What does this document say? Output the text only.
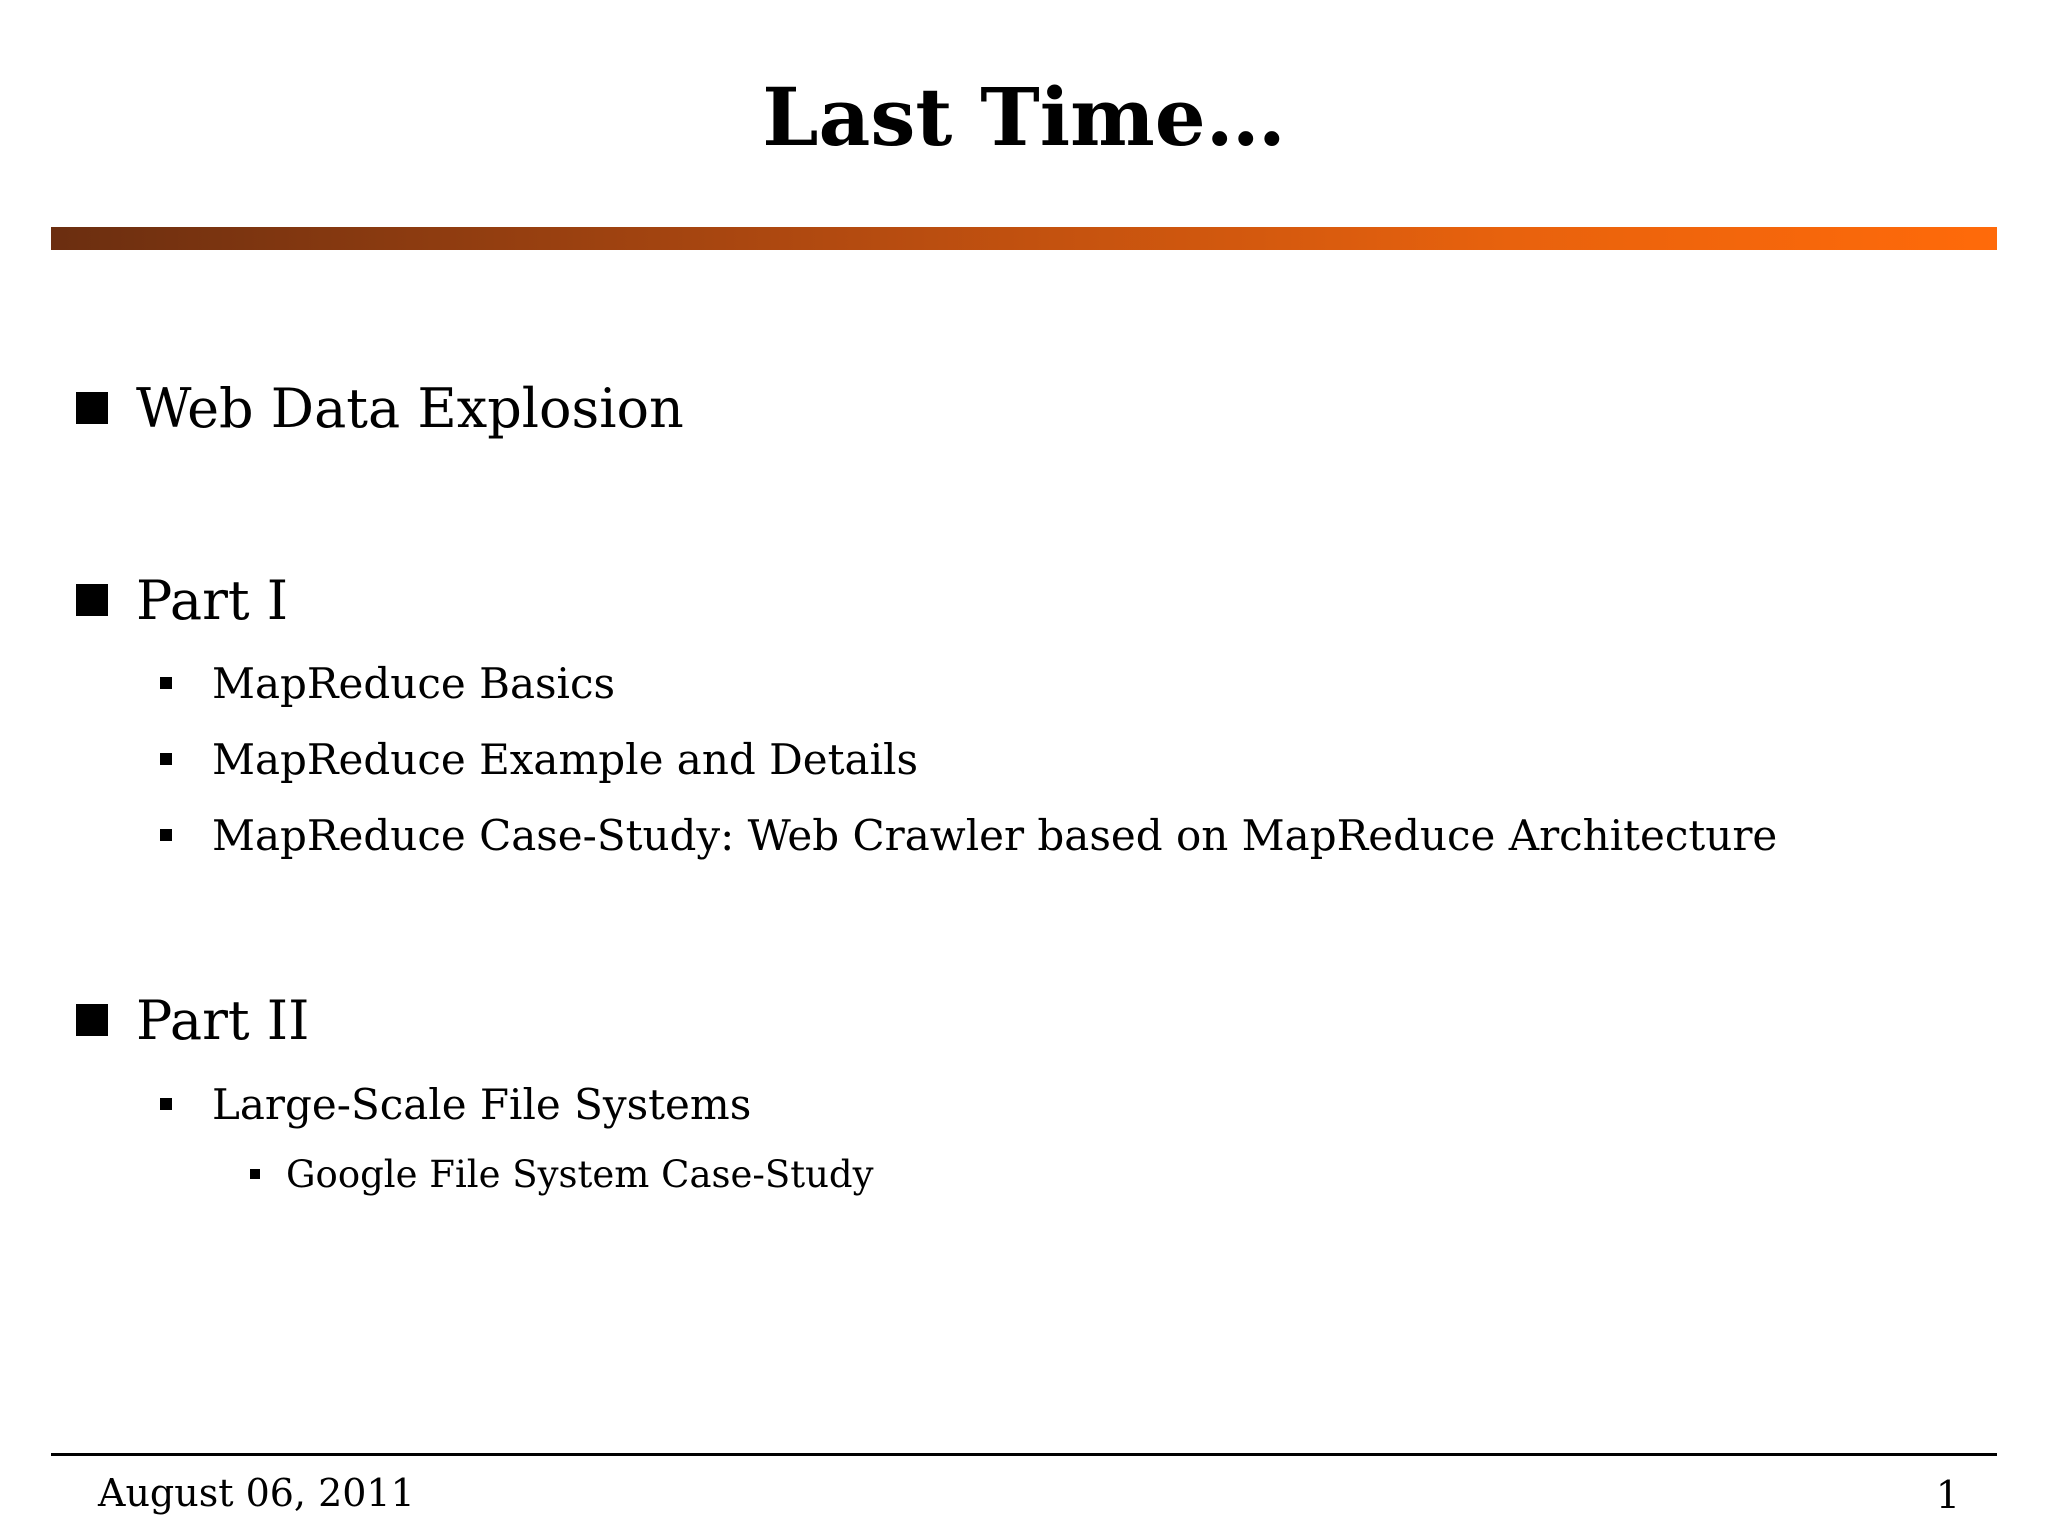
Last Time…
Web Data Explosion
Part I
MapReduce Basics
MapReduce Example and Details
MapReduce Case-Study: Web Crawler based on MapReduce Architecture
Part II
Large-Scale File Systems
Google File System Case-Study
August 06, 2011	1
